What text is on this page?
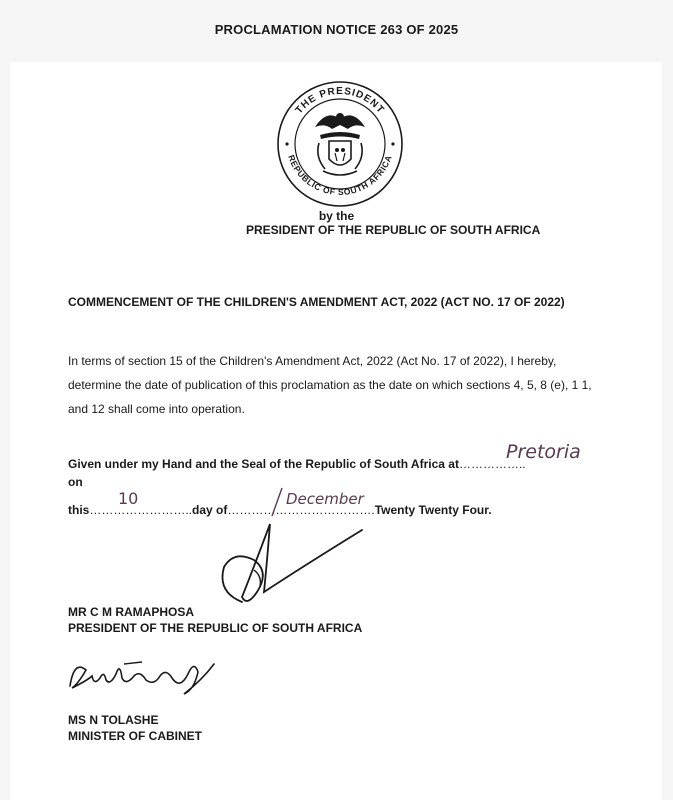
PROCLAMATION NOTICE 263 OF 2025
THE PRESIDENT
REPUBLIC OF SOUTH AFRICA
by the
PRESIDENT OF THE REPUBLIC OF SOUTH AFRICA
COMMENCEMENT OF THE CHILDREN'S AMENDMENT ACT, 2022 (ACT NO. 17 OF 2022)
In terms of section 15 of the Children's Amendment Act, 2022 (Act No. 17 of 2022), I hereby, determine the date of publication of this proclamation as the date on which sections 4, 5, 8 (e), 1 1, and 12 shall come into operation.
Given under my Hand and the Seal of the Republic of South Africa at……………..
Pretoria
on
this……………………..day of……………………………….Twenty Twenty Four.
10	December
MR C M RAMAPHOSA
PRESIDENT OF THE REPUBLIC OF SOUTH AFRICA
MS N TOLASHE
MINISTER OF CABINET
